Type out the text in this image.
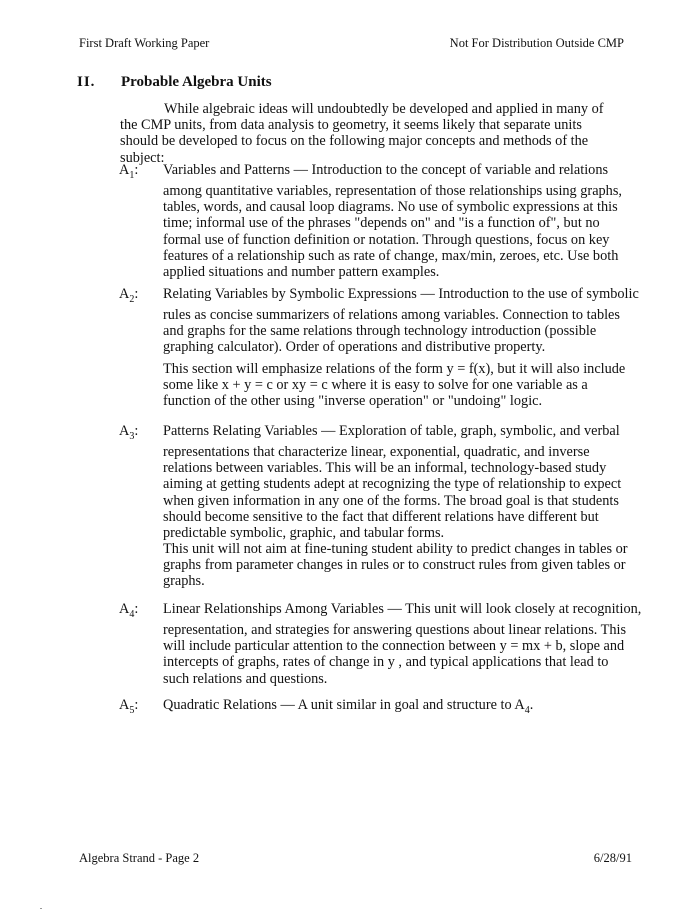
First Draft Working Paper	Not For Distribution Outside CMP
II. Probable Algebra Units

While algebraic ideas will undoubtedly be developed and applied in many of the CMP units, from data analysis to geometry, it seems likely that separate units should be developed to focus on the following major concepts and methods of the subject:

$A_1$: Variables and Patterns — Introduction to the concept of variable and relations

among quantitative variables, representation of those relationships using graphs, tables, words, and causal loop diagrams. No use of symbolic expressions at this time; informal use of the phrases "depends on" and "is a function of", but no formal use of function definition or notation. Through questions, focus on key features of a relationship such as rate of change, max/min, zeroes, etc. Use both applied situations and number pattern examples.

$A_2$: Relating Variables by Symbolic Expressions — Introduction to the use of symbolic

rules as concise summarizers of relations among variables. Connection to tables and graphs for the same relations through technology introduction (possible graphing calculator). Order of operations and distributive property.

This section will emphasize relations of the form y = f(x), but it will also include some like x + y = c or xy = c where it is easy to solve for one variable as a function of the other using "inverse operation" or "undoing" logic.

$A_3$: Patterns Relating Variables — Exploration of table, graph, symbolic, and verbal

representations that characterize linear, exponential, quadratic, and inverse relations between variables. This will be an informal, technology-based study aiming at getting students adept at recognizing the type of relationship to expect when given information in any one of the forms. The broad goal is that students should become sensitive to the fact that different relations have different but predictable symbolic, graphic, and tabular forms.

This unit will not aim at fine-tuning student ability to predict changes in tables or graphs from parameter changes in rules or to construct rules from given tables or graphs.

$A_4$: Linear Relationships Among Variables — This unit will look closely at recognition,

representation, and strategies for answering questions about linear relations. This will include particular attention to the connection between y = mx + b, slope and intercepts of graphs, rates of change in y , and typical applications that lead to such relations and questions.

$A_5$: Quadratic Relations — A unit similar in goal and structure to $A_4$.
Algebra Strand - Page 2	6/28/91
